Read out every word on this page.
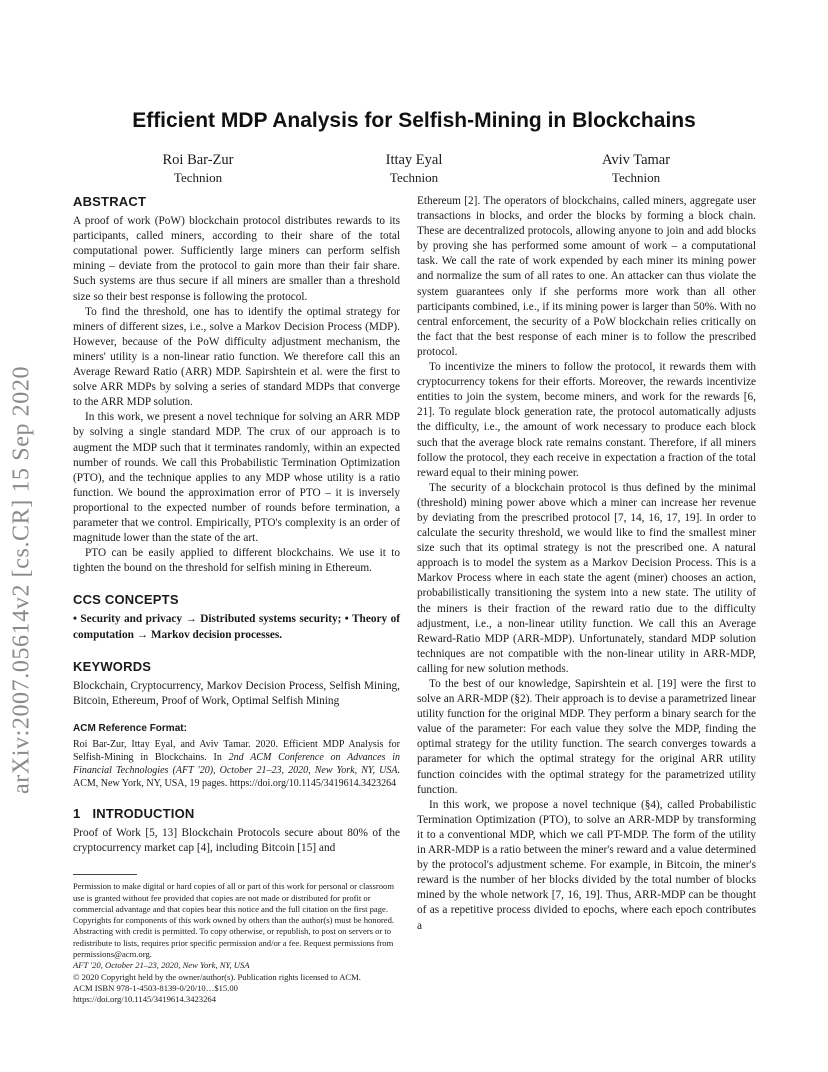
arXiv:2007.05614v2 [cs.CR] 15 Sep 2020
Efficient MDP Analysis for Selfish-Mining in Blockchains
Roi Bar-Zur
Technion
Ittay Eyal
Technion
Aviv Tamar
Technion
ABSTRACT

A proof of work (PoW) blockchain protocol distributes rewards to its participants, called miners, according to their share of the total computational power. Sufficiently large miners can perform selfish mining – deviate from the protocol to gain more than their fair share. Such systems are thus secure if all miners are smaller than a threshold size so their best response is following the protocol.

To find the threshold, one has to identify the optimal strategy for miners of different sizes, i.e., solve a Markov Decision Process (MDP). However, because of the PoW difficulty adjustment mechanism, the miners' utility is a non-linear ratio function. We therefore call this an Average Reward Ratio (ARR) MDP. Sapirshtein et al. were the first to solve ARR MDPs by solving a series of standard MDPs that converge to the ARR MDP solution.

In this work, we present a novel technique for solving an ARR MDP by solving a single standard MDP. The crux of our approach is to augment the MDP such that it terminates randomly, within an expected number of rounds. We call this Probabilistic Termination Optimization (PTO), and the technique applies to any MDP whose utility is a ratio function. We bound the approximation error of PTO – it is inversely proportional to the expected number of rounds before termination, a parameter that we control. Empirically, PTO's complexity is an order of magnitude lower than the state of the art.

PTO can be easily applied to different blockchains. We use it to tighten the bound on the threshold for selfish mining in Ethereum.

CCS CONCEPTS

• Security and privacy → Distributed systems security; • Theory of computation → Markov decision processes.

KEYWORDS

Blockchain, Cryptocurrency, Markov Decision Process, Selfish Mining, Bitcoin, Ethereum, Proof of Work, Optimal Selfish Mining

ACM Reference Format:

Roi Bar-Zur, Ittay Eyal, and Aviv Tamar. 2020. Efficient MDP Analysis for Selfish-Mining in Blockchains. In 2nd ACM Conference on Advances in Financial Technologies (AFT '20), October 21–23, 2020, New York, NY, USA. ACM, New York, NY, USA, 19 pages. https://doi.org/10.1145/3419614.3423264

1 INTRODUCTION

Proof of Work [5, 13] Blockchain Protocols secure about 80% of the cryptocurrency market cap [4], including Bitcoin [15] and

Permission to make digital or hard copies of all or part of this work for personal or classroom use is granted without fee provided that copies are not made or distributed for profit or commercial advantage and that copies bear this notice and the full citation on the first page. Copyrights for components of this work owned by others than the author(s) must be honored. Abstracting with credit is permitted. To copy otherwise, or republish, to post on servers or to redistribute to lists, requires prior specific permission and/or a fee. Request permissions from permissions@acm.org.

AFT '20, October 21–23, 2020, New York, NY, USA

© 2020 Copyright held by the owner/author(s). Publication rights licensed to ACM.

ACM ISBN 978-1-4503-8139-0/20/10…$15.00

https://doi.org/10.1145/3419614.3423264

Ethereum [2]. The operators of blockchains, called miners, aggregate user transactions in blocks, and order the blocks by forming a block chain. These are decentralized protocols, allowing anyone to join and add blocks by proving she has performed some amount of work – a computational task. We call the rate of work expended by each miner its mining power and normalize the sum of all rates to one. An attacker can thus violate the system guarantees only if she performs more work than all other participants combined, i.e., if its mining power is larger than 50%. With no central enforcement, the security of a PoW blockchain relies critically on the fact that the best response of each miner is to follow the prescribed protocol.

To incentivize the miners to follow the protocol, it rewards them with cryptocurrency tokens for their efforts. Moreover, the rewards incentivize entities to join the system, become miners, and work for the rewards [6, 21]. To regulate block generation rate, the protocol automatically adjusts the difficulty, i.e., the amount of work necessary to produce each block such that the average block rate remains constant. Therefore, if all miners follow the protocol, they each receive in expectation a fraction of the total reward equal to their mining power.

The security of a blockchain protocol is thus defined by the minimal (threshold) mining power above which a miner can increase her revenue by deviating from the prescribed protocol [7, 14, 16, 17, 19]. In order to calculate the security threshold, we would like to find the smallest miner size such that its optimal strategy is not the prescribed one. A natural approach is to model the system as a Markov Decision Process. This is a Markov Process where in each state the agent (miner) chooses an action, probabilistically transitioning the system into a new state. The utility of the miners is their fraction of the reward ratio due to the difficulty adjustment, i.e., a non-linear utility function. We call this an Average Reward-Ratio MDP (ARR-MDP). Unfortunately, standard MDP solution techniques are not compatible with the non-linear utility in ARR-MDP, calling for new solution methods.

To the best of our knowledge, Sapirshtein et al. [19] were the first to solve an ARR-MDP (§2). Their approach is to devise a parametrized linear utility function for the original MDP. They perform a binary search for the value of the parameter: For each value they solve the MDP, finding the optimal strategy for the utility function. The search converges towards a parameter for which the optimal strategy for the original ARR utility function coincides with the optimal strategy for the parametrized utility function.

In this work, we propose a novel technique (§4), called Probabilistic Termination Optimization (PTO), to solve an ARR-MDP by transforming it to a conventional MDP, which we call PT-MDP. The form of the utility in ARR-MDP is a ratio between the miner's reward and a value determined by the protocol's adjustment scheme. For example, in Bitcoin, the miner's reward is the number of her blocks divided by the total number of blocks mined by the whole network [7, 16, 19]. Thus, ARR-MDP can be thought of as a repetitive process divided to epochs, where each epoch contributes a
